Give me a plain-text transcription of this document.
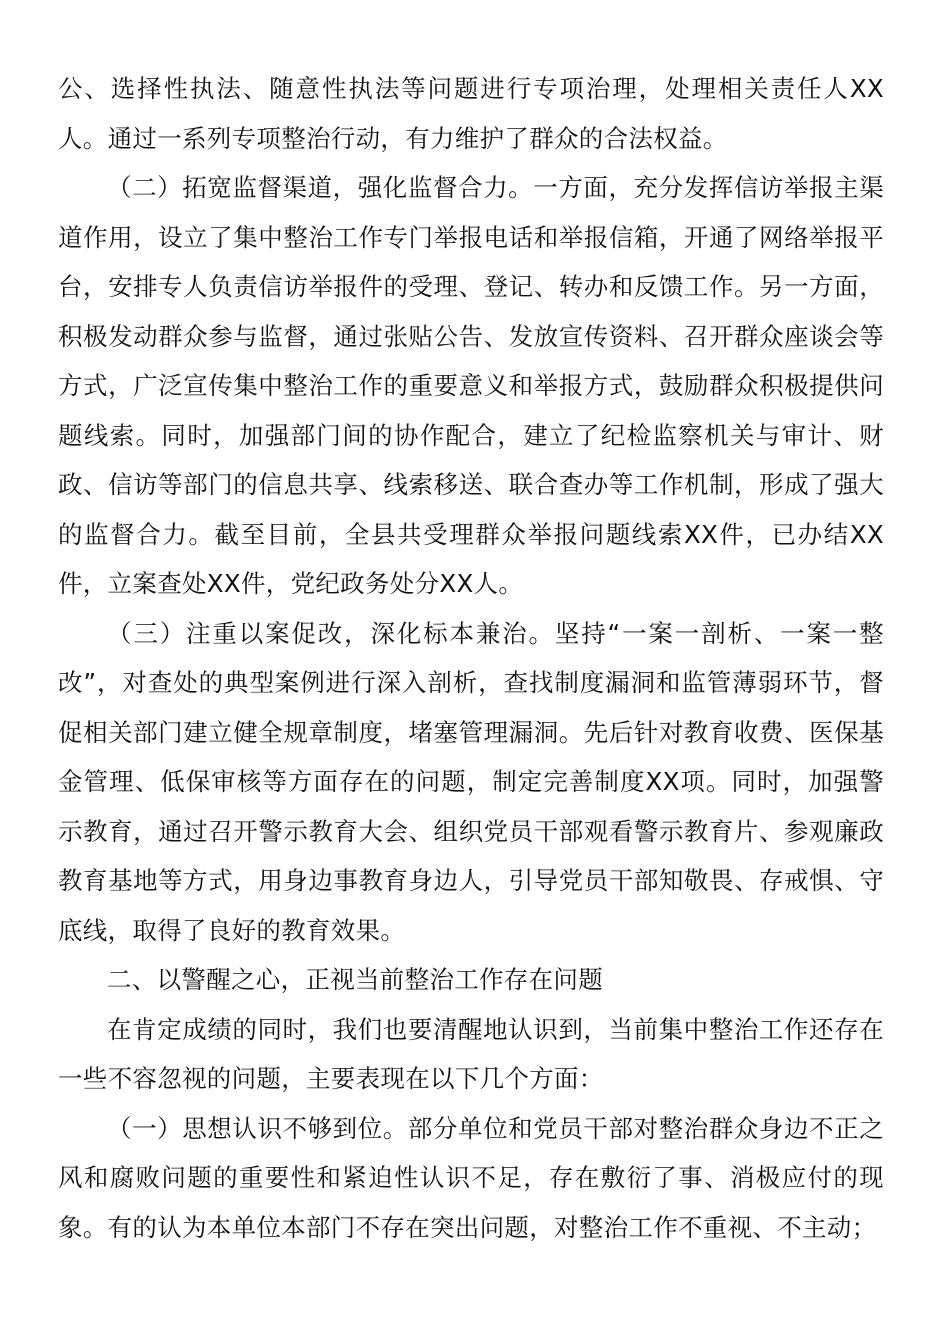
公、选择性执法、随意性执法等问题进行专项治理，处理相关责任人XX人。通过一系列专项整治行动，有力维护了群众的合法权益。

（二）拓宽监督渠道，强化监督合力。一方面，充分发挥信访举报主渠道作用，设立了集中整治工作专门举报电话和举报信箱，开通了网络举报平台，安排专人负责信访举报件的受理、登记、转办和反馈工作。另一方面，积极发动群众参与监督，通过张贴公告、发放宣传资料、召开群众座谈会等方式，广泛宣传集中整治工作的重要意义和举报方式，鼓励群众积极提供问题线索。同时，加强部门间的协作配合，建立了纪检监察机关与审计、财政、信访等部门的信息共享、线索移送、联合查办等工作机制，形成了强大的监督合力。截至目前，全县共受理群众举报问题线索XX件，已办结XX件，立案查处XX件，党纪政务处分XX人。

（三）注重以案促改，深化标本兼治。坚持“一案一剖析、一案一整改”，对查处的典型案例进行深入剖析，查找制度漏洞和监管薄弱环节，督促相关部门建立健全规章制度，堵塞管理漏洞。先后针对教育收费、医保基金管理、低保审核等方面存在的问题，制定完善制度XX项。同时，加强警示教育，通过召开警示教育大会、组织党员干部观看警示教育片、参观廉政教育基地等方式，用身边事教育身边人，引导党员干部知敬畏、存戒惧、守底线，取得了良好的教育效果。

二、以警醒之心，正视当前整治工作存在问题

在肯定成绩的同时，我们也要清醒地认识到，当前集中整治工作还存在一些不容忽视的问题，主要表现在以下几个方面：

（一）思想认识不够到位。部分单位和党员干部对整治群众身边不正之风和腐败问题的重要性和紧迫性认识不足，存在敷衍了事、消极应付的现象。有的认为本单位本部门不存在突出问题，对整治工作不重视、不主动；
